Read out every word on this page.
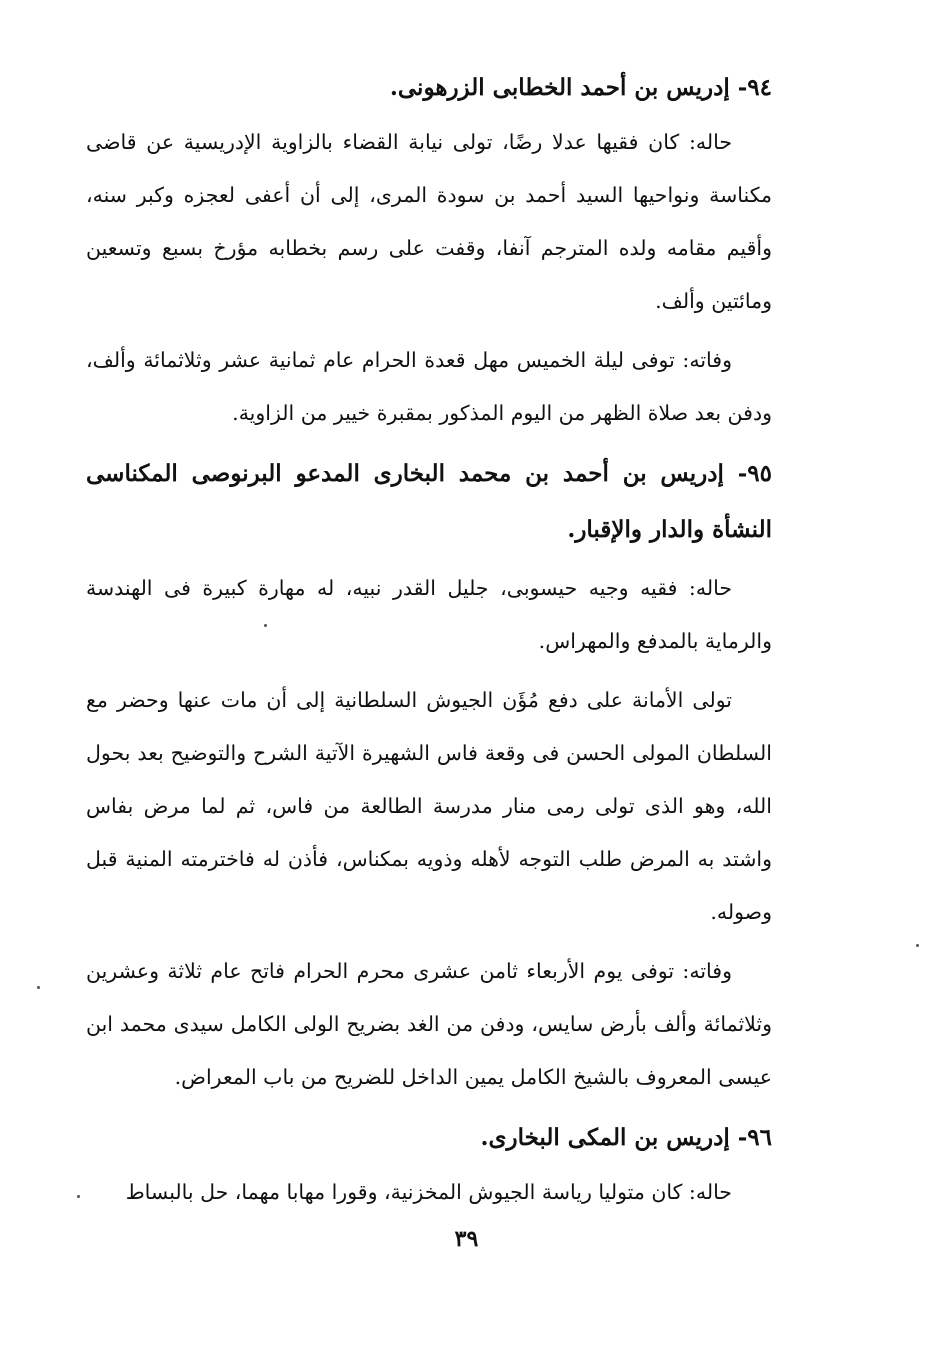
٩٤- إدريس بن أحمد الخطابى الزرهونى.

حاله: كان فقيها عدلا رضًا، تولى نيابة القضاء بالزاوية الإدريسية عن قاضى مكناسة ونواحيها السيد أحمد بن سودة المرى، إلى أن أعفى لعجزه وكبر سنه، وأقيم مقامه ولده المترجم آنفا، وقفت على رسم بخطابه مؤرخ بسبع وتسعين ومائتين وألف.

وفاته: توفى ليلة الخميس مهل قعدة الحرام عام ثمانية عشر وثلاثمائة وألف، ودفن بعد صلاة الظهر من اليوم المذكور بمقبرة خيير من الزاوية.

٩٥- إدريس بن أحمد بن محمد البخارى المدعو البرنوصى المكناسى النشأة والدار والإقبار.

حاله: فقيه وجيه حيسوبى، جليل القدر نبيه، له مهارة كبيرة فى الهندسة والرماية بالمدفع والمهراس.

تولى الأمانة على دفع مُؤَن الجيوش السلطانية إلى أن مات عنها وحضر مع السلطان المولى الحسن فى وقعة فاس الشهيرة الآتية الشرح والتوضيح بعد بحول الله، وهو الذى تولى رمى منار مدرسة الطالعة من فاس، ثم لما مرض بفاس واشتد به المرض طلب التوجه لأهله وذويه بمكناس، فأذن له فاخترمته المنية قبل وصوله.

وفاته: توفى يوم الأربعاء ثامن عشرى محرم الحرام فاتح عام ثلاثة وعشرين وثلاثمائة وألف بأرض سايس، ودفن من الغد بضريح الولى الكامل سيدى محمد ابن عيسى المعروف بالشيخ الكامل يمين الداخل للضريح من باب المعراض.

٩٦- إدريس بن المكى البخارى.

حاله: كان متوليا رياسة الجيوش المخزنية، وقورا مهابا مهما، حل بالبساط

٣٩
